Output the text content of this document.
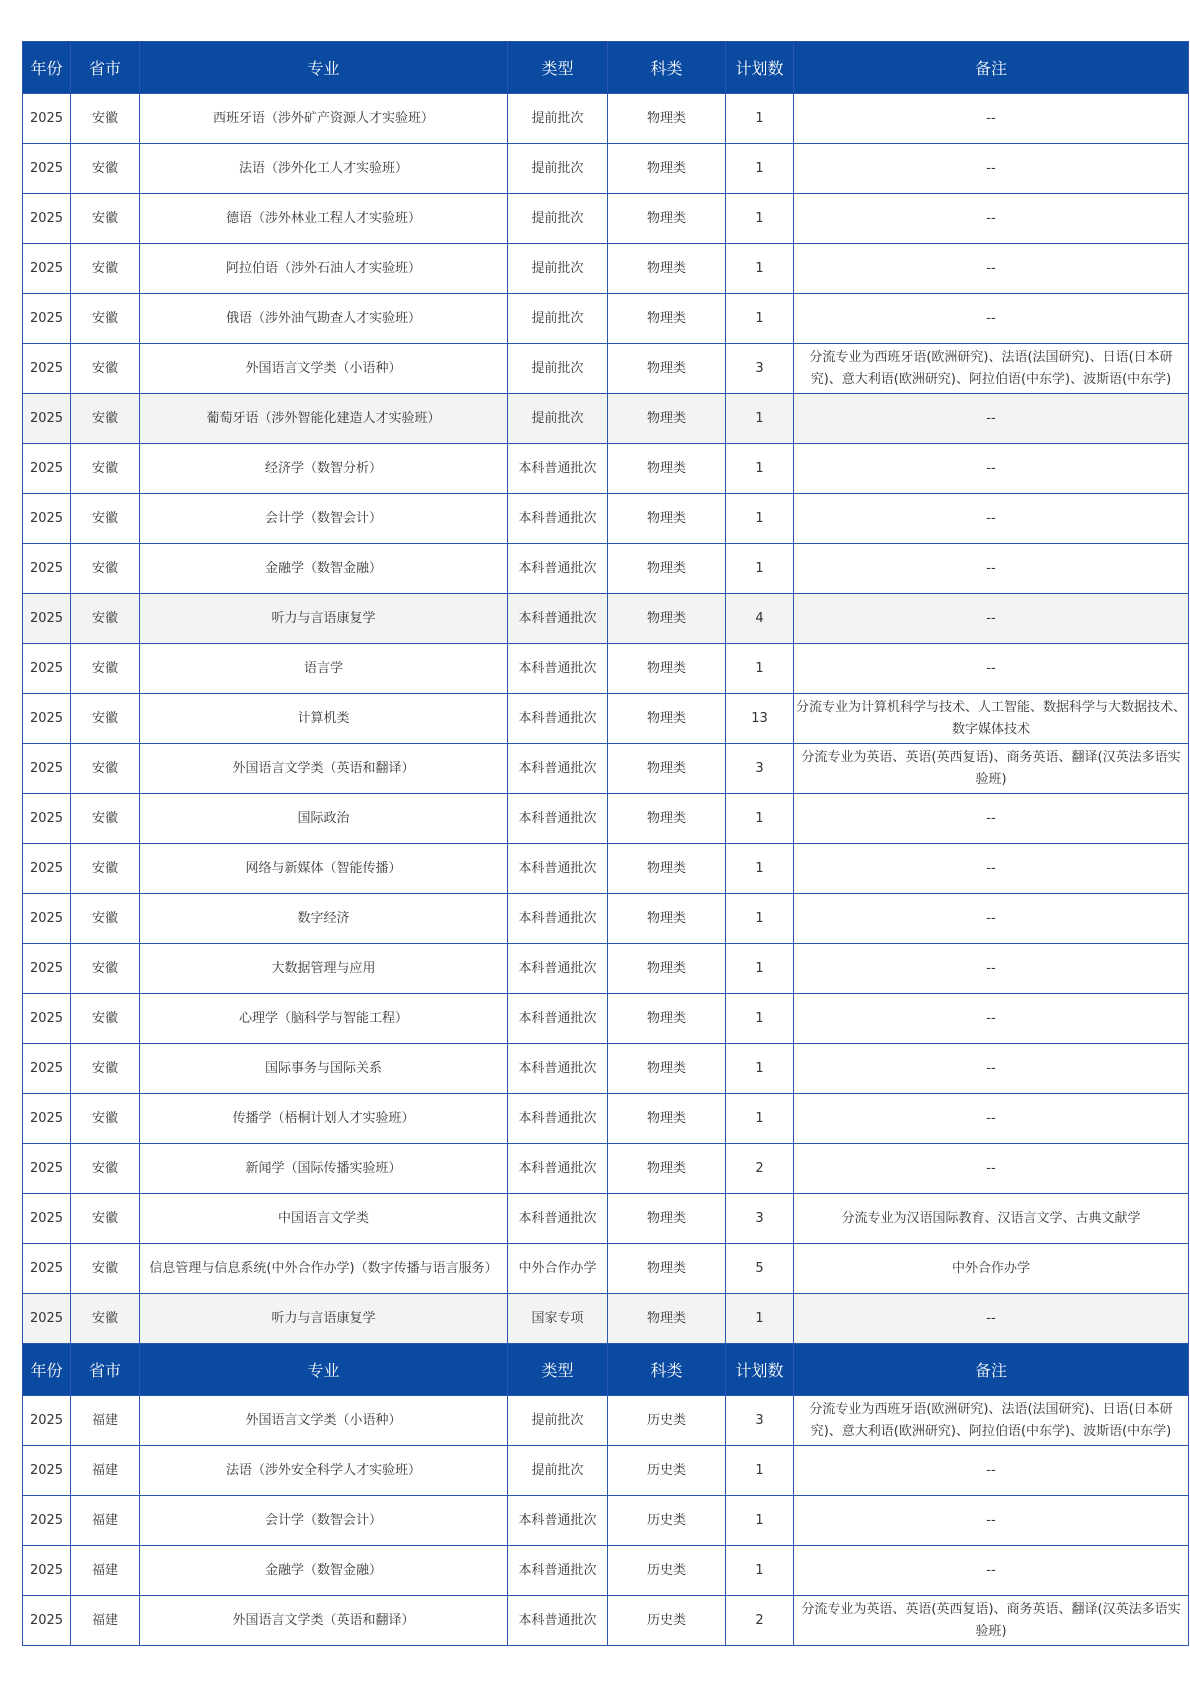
年份	省市	专业	类型	科类	计划数	备注
2025	安徽	西班牙语（涉外矿产资源人才实验班）	提前批次	物理类	1	--
2025	安徽	法语（涉外化工人才实验班）	提前批次	物理类	1	--
2025	安徽	德语（涉外林业工程人才实验班）	提前批次	物理类	1	--
2025	安徽	阿拉伯语（涉外石油人才实验班）	提前批次	物理类	1	--
2025	安徽	俄语（涉外油气勘查人才实验班）	提前批次	物理类	1	--
2025	安徽	外国语言文学类（小语种）	提前批次	物理类	3	分流专业为西班牙语(欧洲研究)、法语(法国研究)、日语(日本研究)、意大利语(欧洲研究)、阿拉伯语(中东学)、波斯语(中东学)
2025	安徽	葡萄牙语（涉外智能化建造人才实验班）	提前批次	物理类	1	--
2025	安徽	经济学（数智分析）	本科普通批次	物理类	1	--
2025	安徽	会计学（数智会计）	本科普通批次	物理类	1	--
2025	安徽	金融学（数智金融）	本科普通批次	物理类	1	--
2025	安徽	听力与言语康复学	本科普通批次	物理类	4	--
2025	安徽	语言学	本科普通批次	物理类	1	--
2025	安徽	计算机类	本科普通批次	物理类	13	分流专业为计算机科学与技术、人工智能、数据科学与大数据技术、数字媒体技术
2025	安徽	外国语言文学类（英语和翻译）	本科普通批次	物理类	3	分流专业为英语、英语(英西复语)、商务英语、翻译(汉英法多语实验班)
2025	安徽	国际政治	本科普通批次	物理类	1	--
2025	安徽	网络与新媒体（智能传播）	本科普通批次	物理类	1	--
2025	安徽	数字经济	本科普通批次	物理类	1	--
2025	安徽	大数据管理与应用	本科普通批次	物理类	1	--
2025	安徽	心理学（脑科学与智能工程）	本科普通批次	物理类	1	--
2025	安徽	国际事务与国际关系	本科普通批次	物理类	1	--
2025	安徽	传播学（梧桐计划人才实验班）	本科普通批次	物理类	1	--
2025	安徽	新闻学（国际传播实验班）	本科普通批次	物理类	2	--
2025	安徽	中国语言文学类	本科普通批次	物理类	3	分流专业为汉语国际教育、汉语言文学、古典文献学
2025	安徽	信息管理与信息系统(中外合作办学)（数字传播与语言服务）	中外合作办学	物理类	5	中外合作办学
2025	安徽	听力与言语康复学	国家专项	物理类	1	--
年份	省市	专业	类型	科类	计划数	备注
2025	福建	外国语言文学类（小语种）	提前批次	历史类	3	分流专业为西班牙语(欧洲研究)、法语(法国研究)、日语(日本研究)、意大利语(欧洲研究)、阿拉伯语(中东学)、波斯语(中东学)
2025	福建	法语（涉外安全科学人才实验班）	提前批次	历史类	1	--
2025	福建	会计学（数智会计）	本科普通批次	历史类	1	--
2025	福建	金融学（数智金融）	本科普通批次	历史类	1	--
2025	福建	外国语言文学类（英语和翻译）	本科普通批次	历史类	2	分流专业为英语、英语(英西复语)、商务英语、翻译(汉英法多语实验班)
